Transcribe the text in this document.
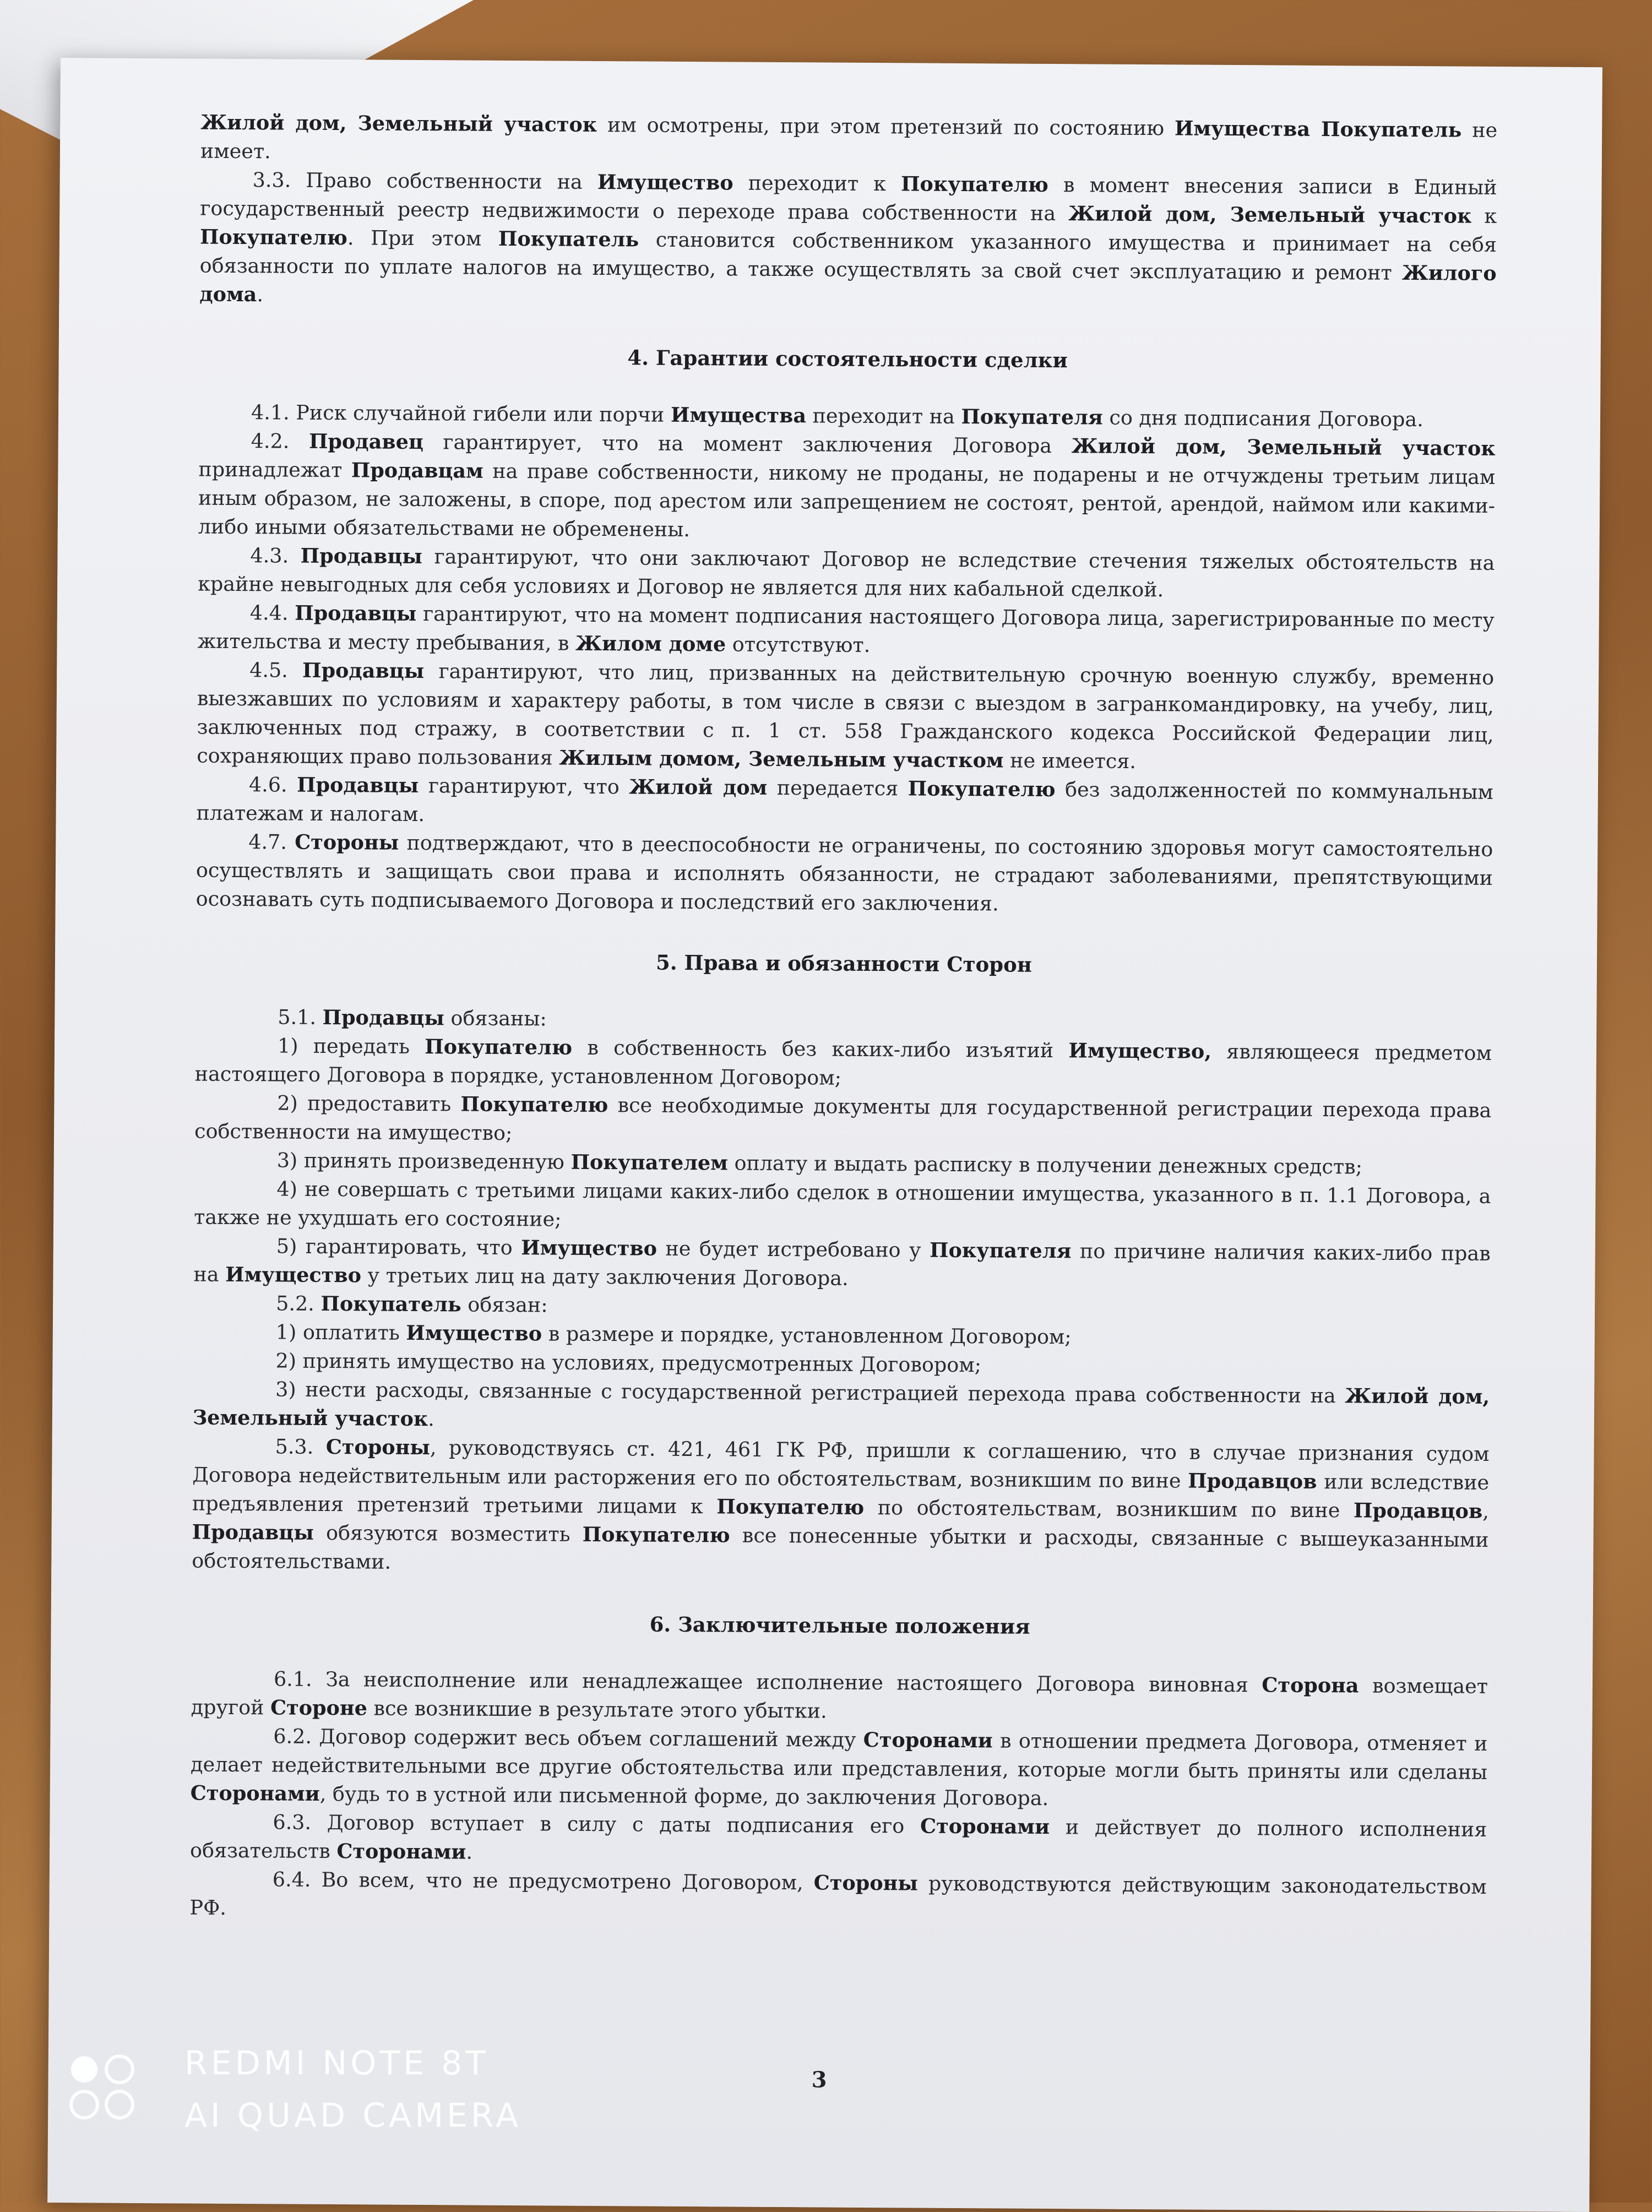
Жилой дом, Земельный участок им осмотрены, при этом претензий по состоянию Имущества Покупатель не имеет.

3.3. Право собственности на Имущество переходит к Покупателю в момент внесения записи в Единый государственный реестр недвижимости о переходе права собственности на Жилой дом, Земельный участок к Покупателю. При этом Покупатель становится собственником указанного имущества и принимает на себя обязанности по уплате налогов на имущество, а также осуществлять за свой счет эксплуатацию и ремонт Жилого дома.

4. Гарантии состоятельности сделки

4.1. Риск случайной гибели или порчи Имущества переходит на Покупателя со дня подписания Договора.

4.2. Продавец гарантирует, что на момент заключения Договора Жилой дом, Земельный участок принадлежат Продавцам на праве собственности, никому не проданы, не подарены и не отчуждены третьим лицам иным образом, не заложены, в споре, под арестом или запрещением не состоят, рентой, арендой, наймом или какими-либо иными обязательствами не обременены.

4.3. Продавцы гарантируют, что они заключают Договор не вследствие стечения тяжелых обстоятельств на крайне невыгодных для себя условиях и Договор не является для них кабальной сделкой.

4.4. Продавцы гарантируют, что на момент подписания настоящего Договора лица, зарегистрированные по месту жительства и месту пребывания, в Жилом доме отсутствуют.

4.5. Продавцы гарантируют, что лиц, призванных на действительную срочную военную службу, временно выезжавших по условиям и характеру работы, в том числе в связи с выездом в загранкомандировку, на учебу, лиц, заключенных под стражу, в соответствии с п. 1 ст. 558 Гражданского кодекса Российской Федерации лиц, сохраняющих право пользования Жилым домом, Земельным участком не имеется.

4.6. Продавцы гарантируют, что Жилой дом передается Покупателю без задолженностей по коммунальным платежам и налогам.

4.7. Стороны подтверждают, что в дееспособности не ограничены, по состоянию здоровья могут самостоятельно осуществлять и защищать свои права и исполнять обязанности, не страдают заболеваниями, препятствующими осознавать суть подписываемого Договора и последствий его заключения.

5. Права и обязанности Сторон

5.1. Продавцы обязаны:

1) передать Покупателю в собственность без каких-либо изъятий Имущество, являющееся предметом настоящего Договора в порядке, установленном Договором;

2) предоставить Покупателю все необходимые документы для государственной регистрации перехода права собственности на имущество;

3) принять произведенную Покупателем оплату и выдать расписку в получении денежных средств;

4) не совершать с третьими лицами каких-либо сделок в отношении имущества, указанного в п. 1.1 Договора, а также не ухудшать его состояние;

5) гарантировать, что Имущество не будет истребовано у Покупателя по причине наличия каких-либо прав на Имущество у третьих лиц на дату заключения Договора.

5.2. Покупатель обязан:

1) оплатить Имущество в размере и порядке, установленном Договором;

2) принять имущество на условиях, предусмотренных Договором;

3) нести расходы, связанные с государственной регистрацией перехода права собственности на Жилой дом, Земельный участок.

5.3. Стороны, руководствуясь ст. 421, 461 ГК РФ, пришли к соглашению, что в случае признания судом Договора недействительным или расторжения его по обстоятельствам, возникшим по вине Продавцов или вследствие предъявления претензий третьими лицами к Покупателю по обстоятельствам, возникшим по вине Продавцов, Продавцы обязуются возместить Покупателю все понесенные убытки и расходы, связанные с вышеуказанными обстоятельствами.

6. Заключительные положения

6.1. За неисполнение или ненадлежащее исполнение настоящего Договора виновная Сторона возмещает другой Стороне все возникшие в результате этого убытки.

6.2. Договор содержит весь объем соглашений между Сторонами в отношении предмета Договора, отменяет и делает недействительными все другие обстоятельства или представления, которые могли быть приняты или сделаны Сторонами, будь то в устной или письменной форме, до заключения Договора.

6.3. Договор вступает в силу с даты подписания его Сторонами и действует до полного исполнения обязательств Сторонами.

6.4. Во всем, что не предусмотрено Договором, Стороны руководствуются действующим законодательством РФ.

3
REDMI NOTE 8T
AI QUAD CAMERA
